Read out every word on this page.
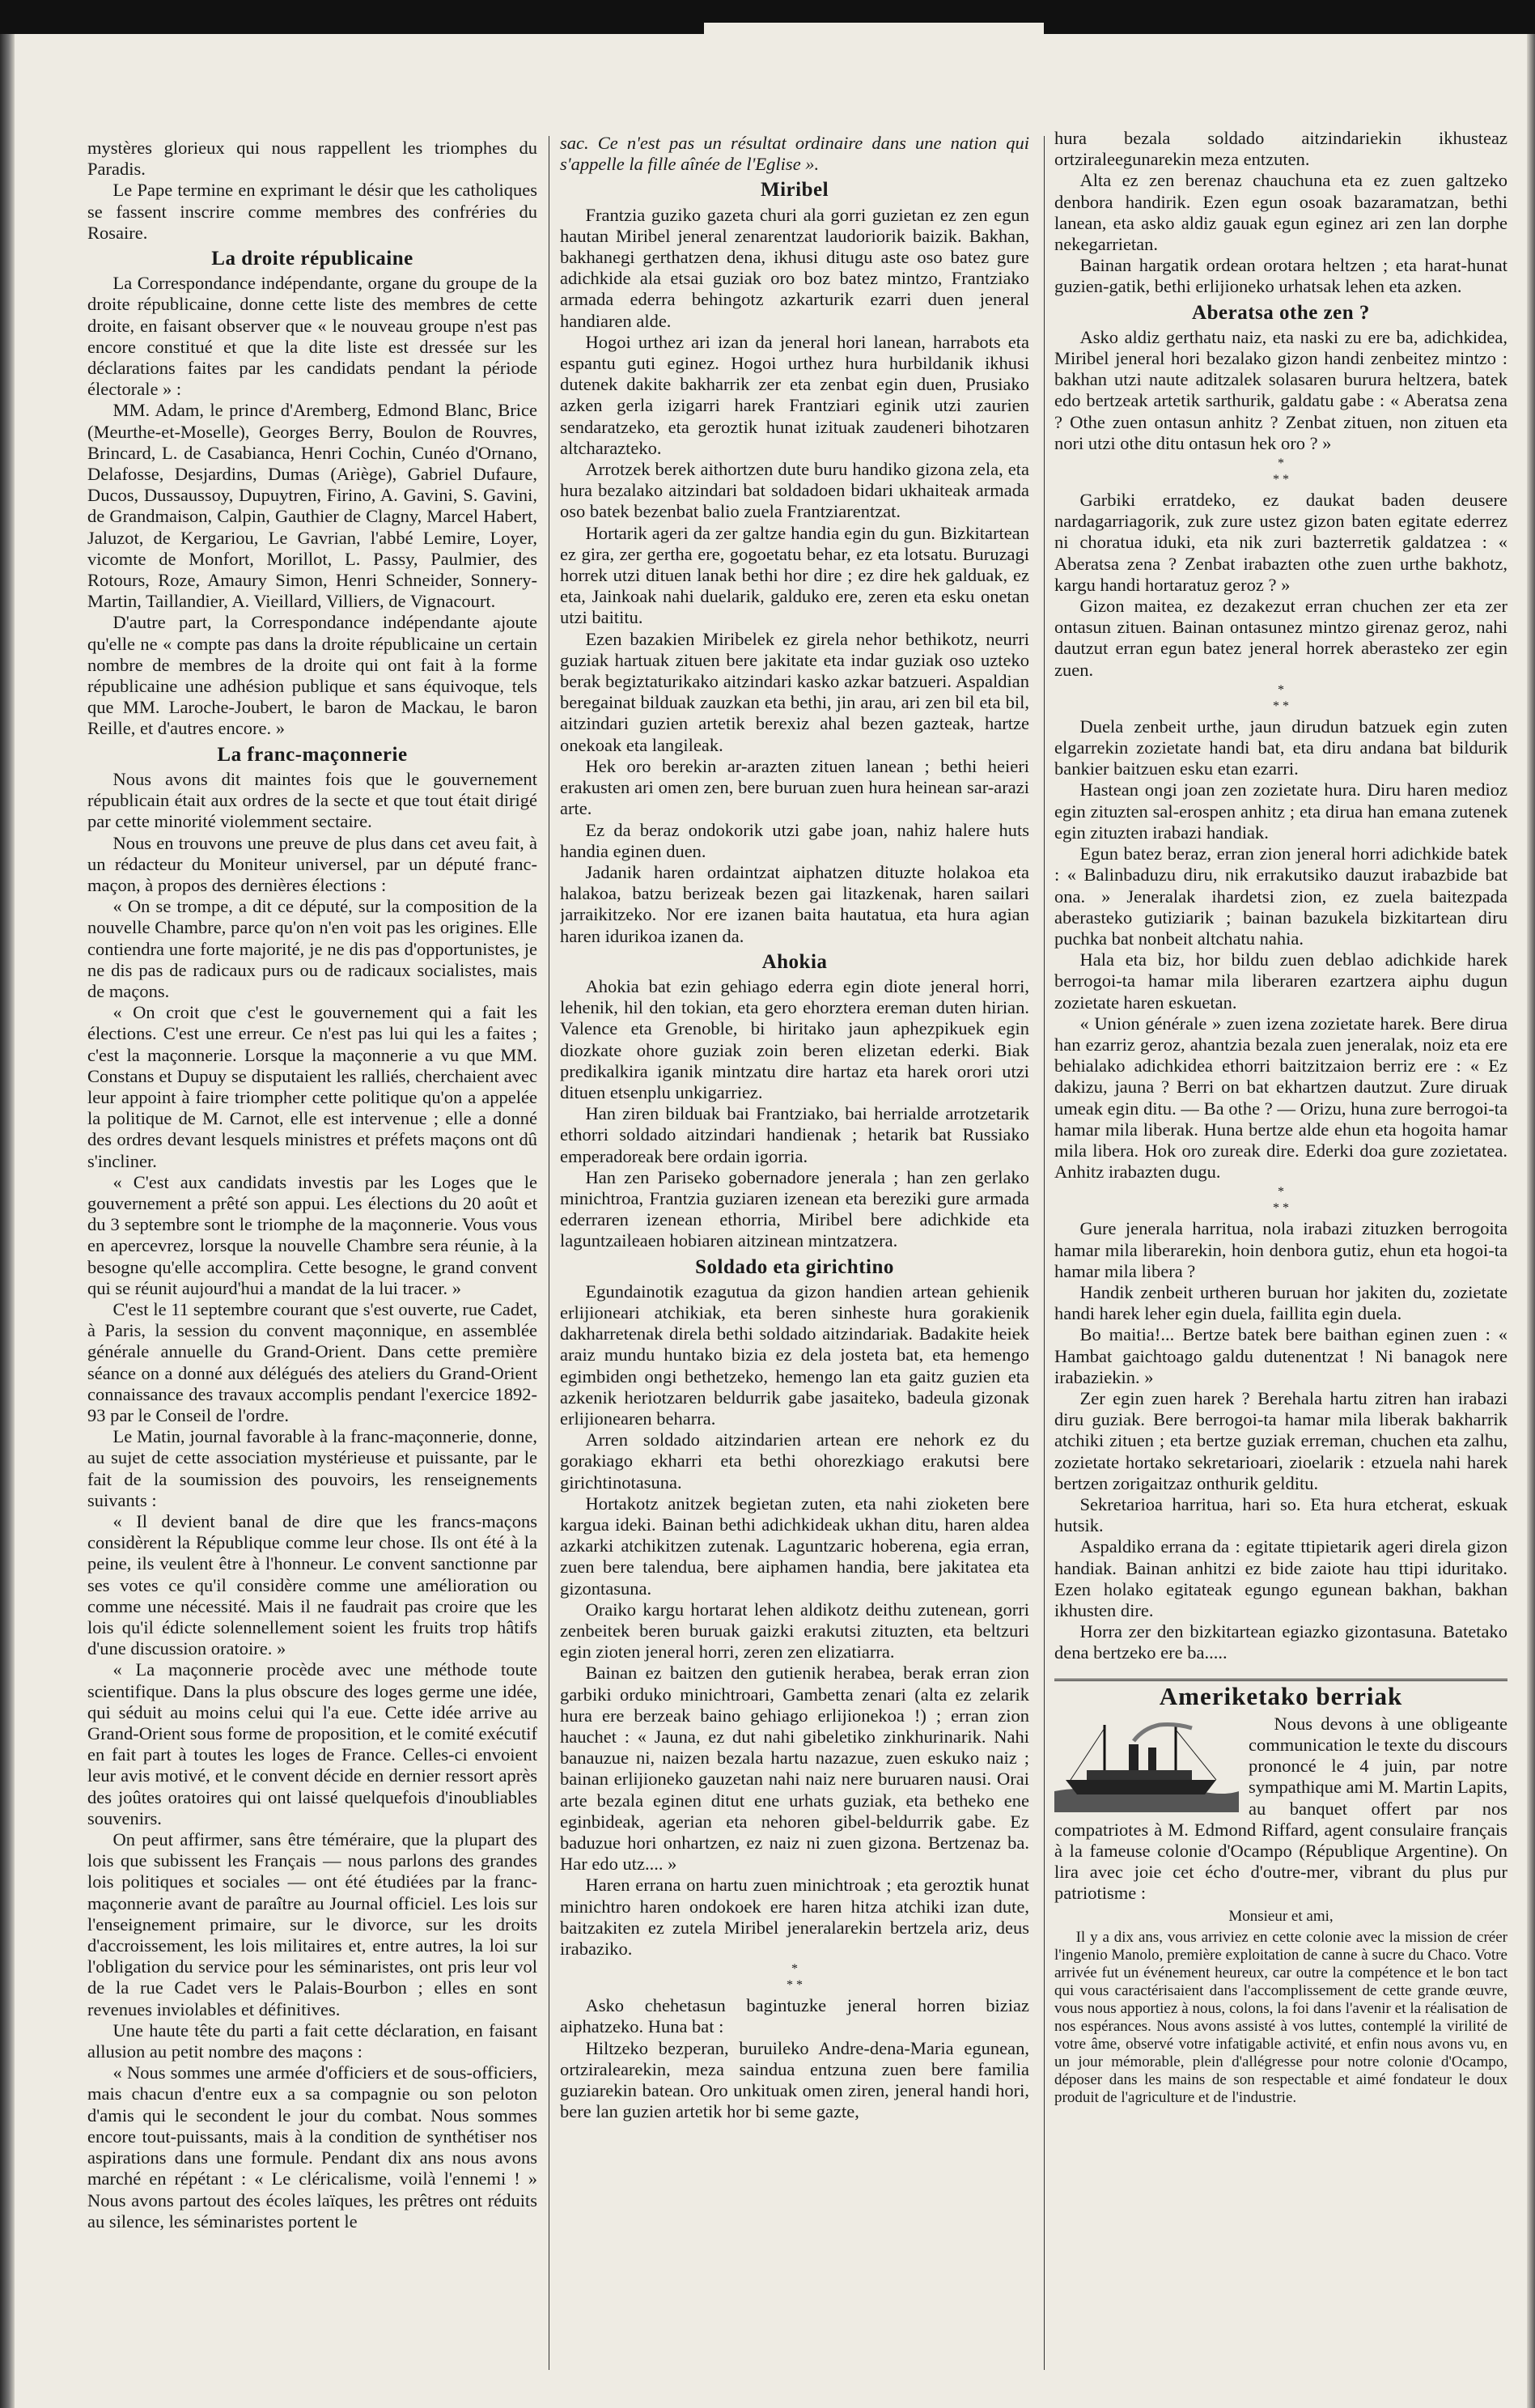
mystères glorieux qui nous rappellent les triomphes du Paradis.

Le Pape termine en exprimant le désir que les catholiques se fassent inscrire comme membres des confréries du Rosaire.

La droite républicaine

La Correspondance indépendante, organe du groupe de la droite républicaine, donne cette liste des membres de cette droite, en faisant observer que « le nouveau groupe n'est pas encore constitué et que la dite liste est dressée sur les déclarations faites par les candidats pendant la période électorale » :

MM. Adam, le prince d'Aremberg, Edmond Blanc, Brice (Meurthe-et-Moselle), Georges Berry, Boulon de Rouvres, Brincard, L. de Casabianca, Henri Cochin, Cunéo d'Ornano, Delafosse, Desjardins, Dumas (Ariège), Gabriel Dufaure, Ducos, Dussaussoy, Dupuytren, Firino, A. Gavini, S. Gavini, de Grandmaison, Calpin, Gauthier de Clagny, Marcel Habert, Jaluzot, de Kergariou, Le Gavrian, l'abbé Lemire, Loyer, vicomte de Monfort, Morillot, L. Passy, Paulmier, des Rotours, Roze, Amaury Simon, Henri Schneider, Sonnery-Martin, Taillandier, A. Vieillard, Villiers, de Vignacourt.

D'autre part, la Correspondance indépendante ajoute qu'elle ne « compte pas dans la droite républicaine un certain nombre de membres de la droite qui ont fait à la forme républicaine une adhésion publique et sans équivoque, tels que MM. Laroche-Joubert, le baron de Mackau, le baron Reille, et d'autres encore. »

La franc-maçonnerie

Nous avons dit maintes fois que le gouvernement républicain était aux ordres de la secte et que tout était dirigé par cette minorité violemment sectaire.

Nous en trouvons une preuve de plus dans cet aveu fait, à un rédacteur du Moniteur universel, par un député franc-maçon, à propos des dernières élections :

« On se trompe, a dit ce député, sur la composition de la nouvelle Chambre, parce qu'on n'en voit pas les origines. Elle contiendra une forte majorité, je ne dis pas d'opportunistes, je ne dis pas de radicaux purs ou de radicaux socialistes, mais de maçons.

« On croit que c'est le gouvernement qui a fait les élections. C'est une erreur. Ce n'est pas lui qui les a faites ; c'est la maçonnerie. Lorsque la maçonnerie a vu que MM. Constans et Dupuy se disputaient les ralliés, cherchaient avec leur appoint à faire triompher cette politique qu'on a appelée la politique de M. Carnot, elle est intervenue ; elle a donné des ordres devant lesquels ministres et préfets maçons ont dû s'incliner.

« C'est aux candidats investis par les Loges que le gouvernement a prêté son appui. Les élections du 20 août et du 3 septembre sont le triomphe de la maçonnerie. Vous vous en apercevrez, lorsque la nouvelle Chambre sera réunie, à la besogne qu'elle accomplira. Cette besogne, le grand convent qui se réunit aujourd'hui a mandat de la lui tracer. »

C'est le 11 septembre courant que s'est ouverte, rue Cadet, à Paris, la session du convent maçonnique, en assemblée générale annuelle du Grand-Orient. Dans cette première séance on a donné aux délégués des ateliers du Grand-Orient connaissance des travaux accomplis pendant l'exercice 1892-93 par le Conseil de l'ordre.

Le Matin, journal favorable à la franc-maçonnerie, donne, au sujet de cette association mystérieuse et puissante, par le fait de la soumission des pouvoirs, les renseignements suivants :

« Il devient banal de dire que les francs-maçons considèrent la République comme leur chose. Ils ont été à la peine, ils veulent être à l'honneur. Le convent sanctionne par ses votes ce qu'il considère comme une amélioration ou comme une nécessité. Mais il ne faudrait pas croire que les lois qu'il édicte solennellement soient les fruits trop hâtifs d'une discussion oratoire. »

« La maçonnerie procède avec une méthode toute scientifique. Dans la plus obscure des loges germe une idée, qui séduit au moins celui qui l'a eue. Cette idée arrive au Grand-Orient sous forme de proposition, et le comité exécutif en fait part à toutes les loges de France. Celles-ci envoient leur avis motivé, et le convent décide en dernier ressort après des joûtes oratoires qui ont laissé quelquefois d'inoubliables souvenirs.

On peut affirmer, sans être téméraire, que la plupart des lois que subissent les Français — nous parlons des grandes lois politiques et sociales — ont été étudiées par la franc-maçonnerie avant de paraître au Journal officiel. Les lois sur l'enseignement primaire, sur le divorce, sur les droits d'accroissement, les lois militaires et, entre autres, la loi sur l'obligation du service pour les séminaristes, ont pris leur vol de la rue Cadet vers le Palais-Bourbon ; elles en sont revenues inviolables et définitives.

Une haute tête du parti a fait cette déclaration, en faisant allusion au petit nombre des maçons :

« Nous sommes une armée d'officiers et de sous-officiers, mais chacun d'entre eux a sa compagnie ou son peloton d'amis qui le secondent le jour du combat. Nous sommes encore tout-puissants, mais à la condition de synthétiser nos aspirations dans une formule. Pendant dix ans nous avons marché en répétant : « Le cléricalisme, voilà l'ennemi ! » Nous avons partout des écoles laïques, les prêtres ont réduits au silence, les séminaristes portent le

sac. Ce n'est pas un résultat ordinaire dans une nation qui s'appelle la fille aînée de l'Eglise ».

Miribel

Frantzia guziko gazeta churi ala gorri guzietan ez zen egun hautan Miribel jeneral zenarentzat laudoriorik baizik. Bakhan, bakhanegi gerthatzen dena, ikhusi ditugu aste oso batez gure adichkide ala etsai guziak oro boz batez mintzo, Frantziako armada ederra behingotz azkarturik ezarri duen jeneral handiaren alde.

Hogoi urthez ari izan da jeneral hori lanean, harrabots eta espantu guti eginez. Hogoi urthez hura hurbildanik ikhusi dutenek dakite bakharrik zer eta zenbat egin duen, Prusiako azken gerla izigarri harek Frantziari eginik utzi zaurien sendaratzeko, eta geroztik hunat izituak zaudeneri bihotzaren altcharazteko.

Arrotzek berek aithortzen dute buru handiko gizona zela, eta hura bezalako aitzindari bat soldadoen bidari ukhaiteak armada oso batek bezenbat balio zuela Frantziarentzat.

Hortarik ageri da zer galtze handia egin du gun. Bizkitartean ez gira, zer gertha ere, gogoetatu behar, ez eta lotsatu. Buruzagi horrek utzi dituen lanak bethi hor dire ; ez dire hek galduak, ez eta, Jainkoak nahi duelarik, galduko ere, zeren eta esku onetan utzi baititu.

Ezen bazakien Miribelek ez girela nehor bethikotz, neurri guziak hartuak zituen bere jakitate eta indar guziak oso uzteko berak begiztaturikako aitzindari kasko azkar batzueri. Aspaldian beregainat bilduak zauzkan eta bethi, jin arau, ari zen bil eta bil, aitzindari guzien artetik berexiz ahal bezen gazteak, hartze onekoak eta langileak.

Hek oro berekin ar-arazten zituen lanean ; bethi heieri erakusten ari omen zen, bere buruan zuen hura heinean sar-arazi arte.

Ez da beraz ondokorik utzi gabe joan, nahiz halere huts handia eginen duen.

Jadanik haren ordaintzat aiphatzen dituzte holakoa eta halakoa, batzu berizeak bezen gai litazkenak, haren sailari jarraikitzeko. Nor ere izanen baita hautatua, eta hura agian haren idurikoa izanen da.

Ahokia

Ahokia bat ezin gehiago ederra egin diote jeneral horri, lehenik, hil den tokian, eta gero ehorztera ereman duten hirian. Valence eta Grenoble, bi hiritako jaun aphezpikuek egin diozkate ohore guziak zoin beren elizetan ederki. Biak predikalkira iganik mintzatu dire hartaz eta harek orori utzi dituen etsenplu unkigarriez.

Han ziren bilduak bai Frantziako, bai herrialde arrotzetarik ethorri soldado aitzindari handienak ; hetarik bat Russiako emperadoreak bere ordain igorria.

Han zen Pariseko gobernadore jenerala ; han zen gerlako minichtroa, Frantzia guziaren izenean eta bereziki gure armada ederraren izenean ethorria, Miribel bere adichkide eta laguntzaileaen hobiaren aitzinean mintzatzera.

Soldado eta girichtino

Egundainotik ezagutua da gizon handien artean gehienik erlijioneari atchikiak, eta beren sinheste hura gorakienik dakharretenak direla bethi soldado aitzindariak. Badakite heiek araiz mundu huntako bizia ez dela josteta bat, eta hemengo egimbiden ongi bethetzeko, hemengo lan eta gaitz guzien eta azkenik heriotzaren beldurrik gabe jasaiteko, badeula gizonak erlijionearen beharra.

Arren soldado aitzindarien artean ere nehork ez du gorakiago ekharri eta bethi ohorezkiago erakutsi bere girichtinotasuna.

Hortakotz anitzek begietan zuten, eta nahi zioketen bere kargua ideki. Bainan bethi adichkideak ukhan ditu, haren aldea azkarki atchikitzen zutenak. Laguntzaric hoberena, egia erran, zuen bere talendua, bere aiphamen handia, bere jakitatea eta gizontasuna.

Oraiko kargu hortarat lehen aldikotz deithu zutenean, gorri zenbeitek beren buruak gaizki erakutsi zituzten, eta beltzuri egin zioten jeneral horri, zeren zen elizatiarra.

Bainan ez baitzen den gutienik herabea, berak erran zion garbiki orduko minichtroari, Gambetta zenari (alta ez zelarik hura ere berzeak baino gehiago erlijionekoa !) ; erran zion hauchet : « Jauna, ez dut nahi gibeletiko zinkhurinarik. Nahi banauzue ni, naizen bezala hartu nazazue, zuen eskuko naiz ; bainan erlijioneko gauzetan nahi naiz nere buruaren nausi. Orai arte bezala eginen ditut ene urhats guziak, eta betheko ene eginbideak, agerian eta nehoren gibel-beldurrik gabe. Ez baduzue hori onhartzen, ez naiz ni zuen gizona. Bertzenaz ba. Har edo utz.... »

Haren errana on hartu zuen minichtroak ; eta geroztik hunat minichtro haren ondokoek ere haren hitza atchiki izan dute, baitzakiten ez zutela Miribel jeneralarekin bertzela ariz, deus irabaziko.

*
* *

Asko chehetasun bagintuzke jeneral horren biziaz aiphatzeko. Huna bat :

Hiltzeko bezperan, buruileko Andre-dena-Maria egunean, ortziralearekin, meza saindua entzuna zuen bere familia guziarekin batean. Oro unkituak omen ziren, jeneral handi hori, bere lan guzien artetik hor bi seme gazte,

hura bezala soldado aitzindariekin ikhusteaz ortziraleegunarekin meza entzuten.

Alta ez zen berenaz chauchuna eta ez zuen galtzeko denbora handirik. Ezen egun osoak bazaramatzan, bethi lanean, eta asko aldiz gauak egun eginez ari zen lan dorphe nekegarrietan.

Bainan hargatik ordean orotara heltzen ; eta harat-hunat guzien-gatik, bethi erlijioneko urhatsak lehen eta azken.

Aberatsa othe zen ?

Asko aldiz gerthatu naiz, eta naski zu ere ba, adichkidea, Miribel jeneral hori bezalako gizon handi zenbeitez mintzo : bakhan utzi naute aditzalek solasaren burura heltzera, batek edo bertzeak artetik sarthurik, galdatu gabe : « Aberatsa zena ? Othe zuen ontasun anhitz ? Zenbat zituen, non zituen eta nori utzi othe ditu ontasun hek oro ? »

*
* *

Garbiki erratdeko, ez daukat baden deusere nardagarriagorik, zuk zure ustez gizon baten egitate ederrez ni choratua iduki, eta nik zuri bazterretik galdatzea : « Aberatsa zena ? Zenbat irabazten othe zuen urthe bakhotz, kargu handi hortaratuz geroz ? »

Gizon maitea, ez dezakezut erran chuchen zer eta zer ontasun zituen. Bainan ontasunez mintzo girenaz geroz, nahi dautzut erran egun batez jeneral horrek aberasteko zer egin zuen.

*
* *

Duela zenbeit urthe, jaun dirudun batzuek egin zuten elgarrekin zozietate handi bat, eta diru andana bat bildurik bankier baitzuen esku etan ezarri.

Hastean ongi joan zen zozietate hura. Diru haren medioz egin zituzten sal-erospen anhitz ; eta dirua han emana zutenek egin zituzten irabazi handiak.

Egun batez beraz, erran zion jeneral horri adichkide batek : « Balinbaduzu diru, nik errakutsiko dauzut irabazbide bat ona. » Jeneralak ihardetsi zion, ez zuela baitezpada aberasteko gutiziarik ; bainan bazukela bizkitartean diru puchka bat nonbeit altchatu nahia.

Hala eta biz, hor bildu zuen deblao adichkide harek berrogoi-ta hamar mila liberaren ezartzera aiphu dugun zozietate haren eskuetan.

« Union générale » zuen izena zozietate harek. Bere dirua han ezarriz geroz, ahantzia bezala zuen jeneralak, noiz eta ere behialako adichkidea ethorri baitzitzaion berriz ere : « Ez dakizu, jauna ? Berri on bat ekhartzen dautzut. Zure diruak umeak egin ditu. — Ba othe ? — Orizu, huna zure berrogoi-ta hamar mila liberak. Huna bertze alde ehun eta hogoita hamar mila libera. Hok oro zureak dire. Ederki doa gure zozietatea. Anhitz irabazten dugu.

*
* *

Gure jenerala harritua, nola irabazi zituzken berrogoita hamar mila liberarekin, hoin denbora gutiz, ehun eta hogoi-ta hamar mila libera ?

Handik zenbeit urtheren buruan hor jakiten du, zozietate handi harek leher egin duela, faillita egin duela.

Bo maitia!... Bertze batek bere baithan eginen zuen : « Hambat gaichtoago galdu dutenentzat ! Ni banagok nere irabaziekin. »

Zer egin zuen harek ? Berehala hartu zitren han irabazi diru guziak. Bere berrogoi-ta hamar mila liberak bakharrik atchiki zituen ; eta bertze guziak erreman, chuchen eta zalhu, zozietate hortako sekretarioari, zioelarik : etzuela nahi harek bertzen zorigaitzaz onthurik gelditu.

Sekretarioa harritua, hari so. Eta hura etcherat, eskuak hutsik.

Aspaldiko errana da : egitate ttipietarik ageri direla gizon handiak. Bainan anhitzi ez bide zaiote hau ttipi iduritako. Ezen holako egitateak egungo egunean bakhan, bakhan ikhusten dire.

Horra zer den bizkitartean egiazko gizontasuna. Batetako dena bertzeko ere ba.....

Ameriketako berriak

Nous devons à une obligeante communication le texte du discours prononcé le 4 juin, par notre sympathique ami M. Martin Lapits, au banquet offert par nos compatriotes à M. Edmond Riffard, agent consulaire français à la fameuse colonie d'Ocampo (République Argentine). On lira avec joie cet écho d'outre-mer, vibrant du plus pur patriotisme :

Monsieur et ami,

Il y a dix ans, vous arriviez en cette colonie avec la mission de créer l'ingenio Manolo, première exploitation de canne à sucre du Chaco. Votre arrivée fut un événement heureux, car outre la compétence et le bon tact qui vous caractérisaient dans l'accomplissement de cette grande œuvre, vous nous apportiez à nous, colons, la foi dans l'avenir et la réalisation de nos espérances. Nous avons assisté à vos luttes, contemplé la virilité de votre âme, observé votre infatigable activité, et enfin nous avons vu, en un jour mémorable, plein d'allégresse pour notre colonie d'Ocampo, déposer dans les mains de son respectable et aimé fondateur le doux produit de l'agriculture et de l'industrie.
